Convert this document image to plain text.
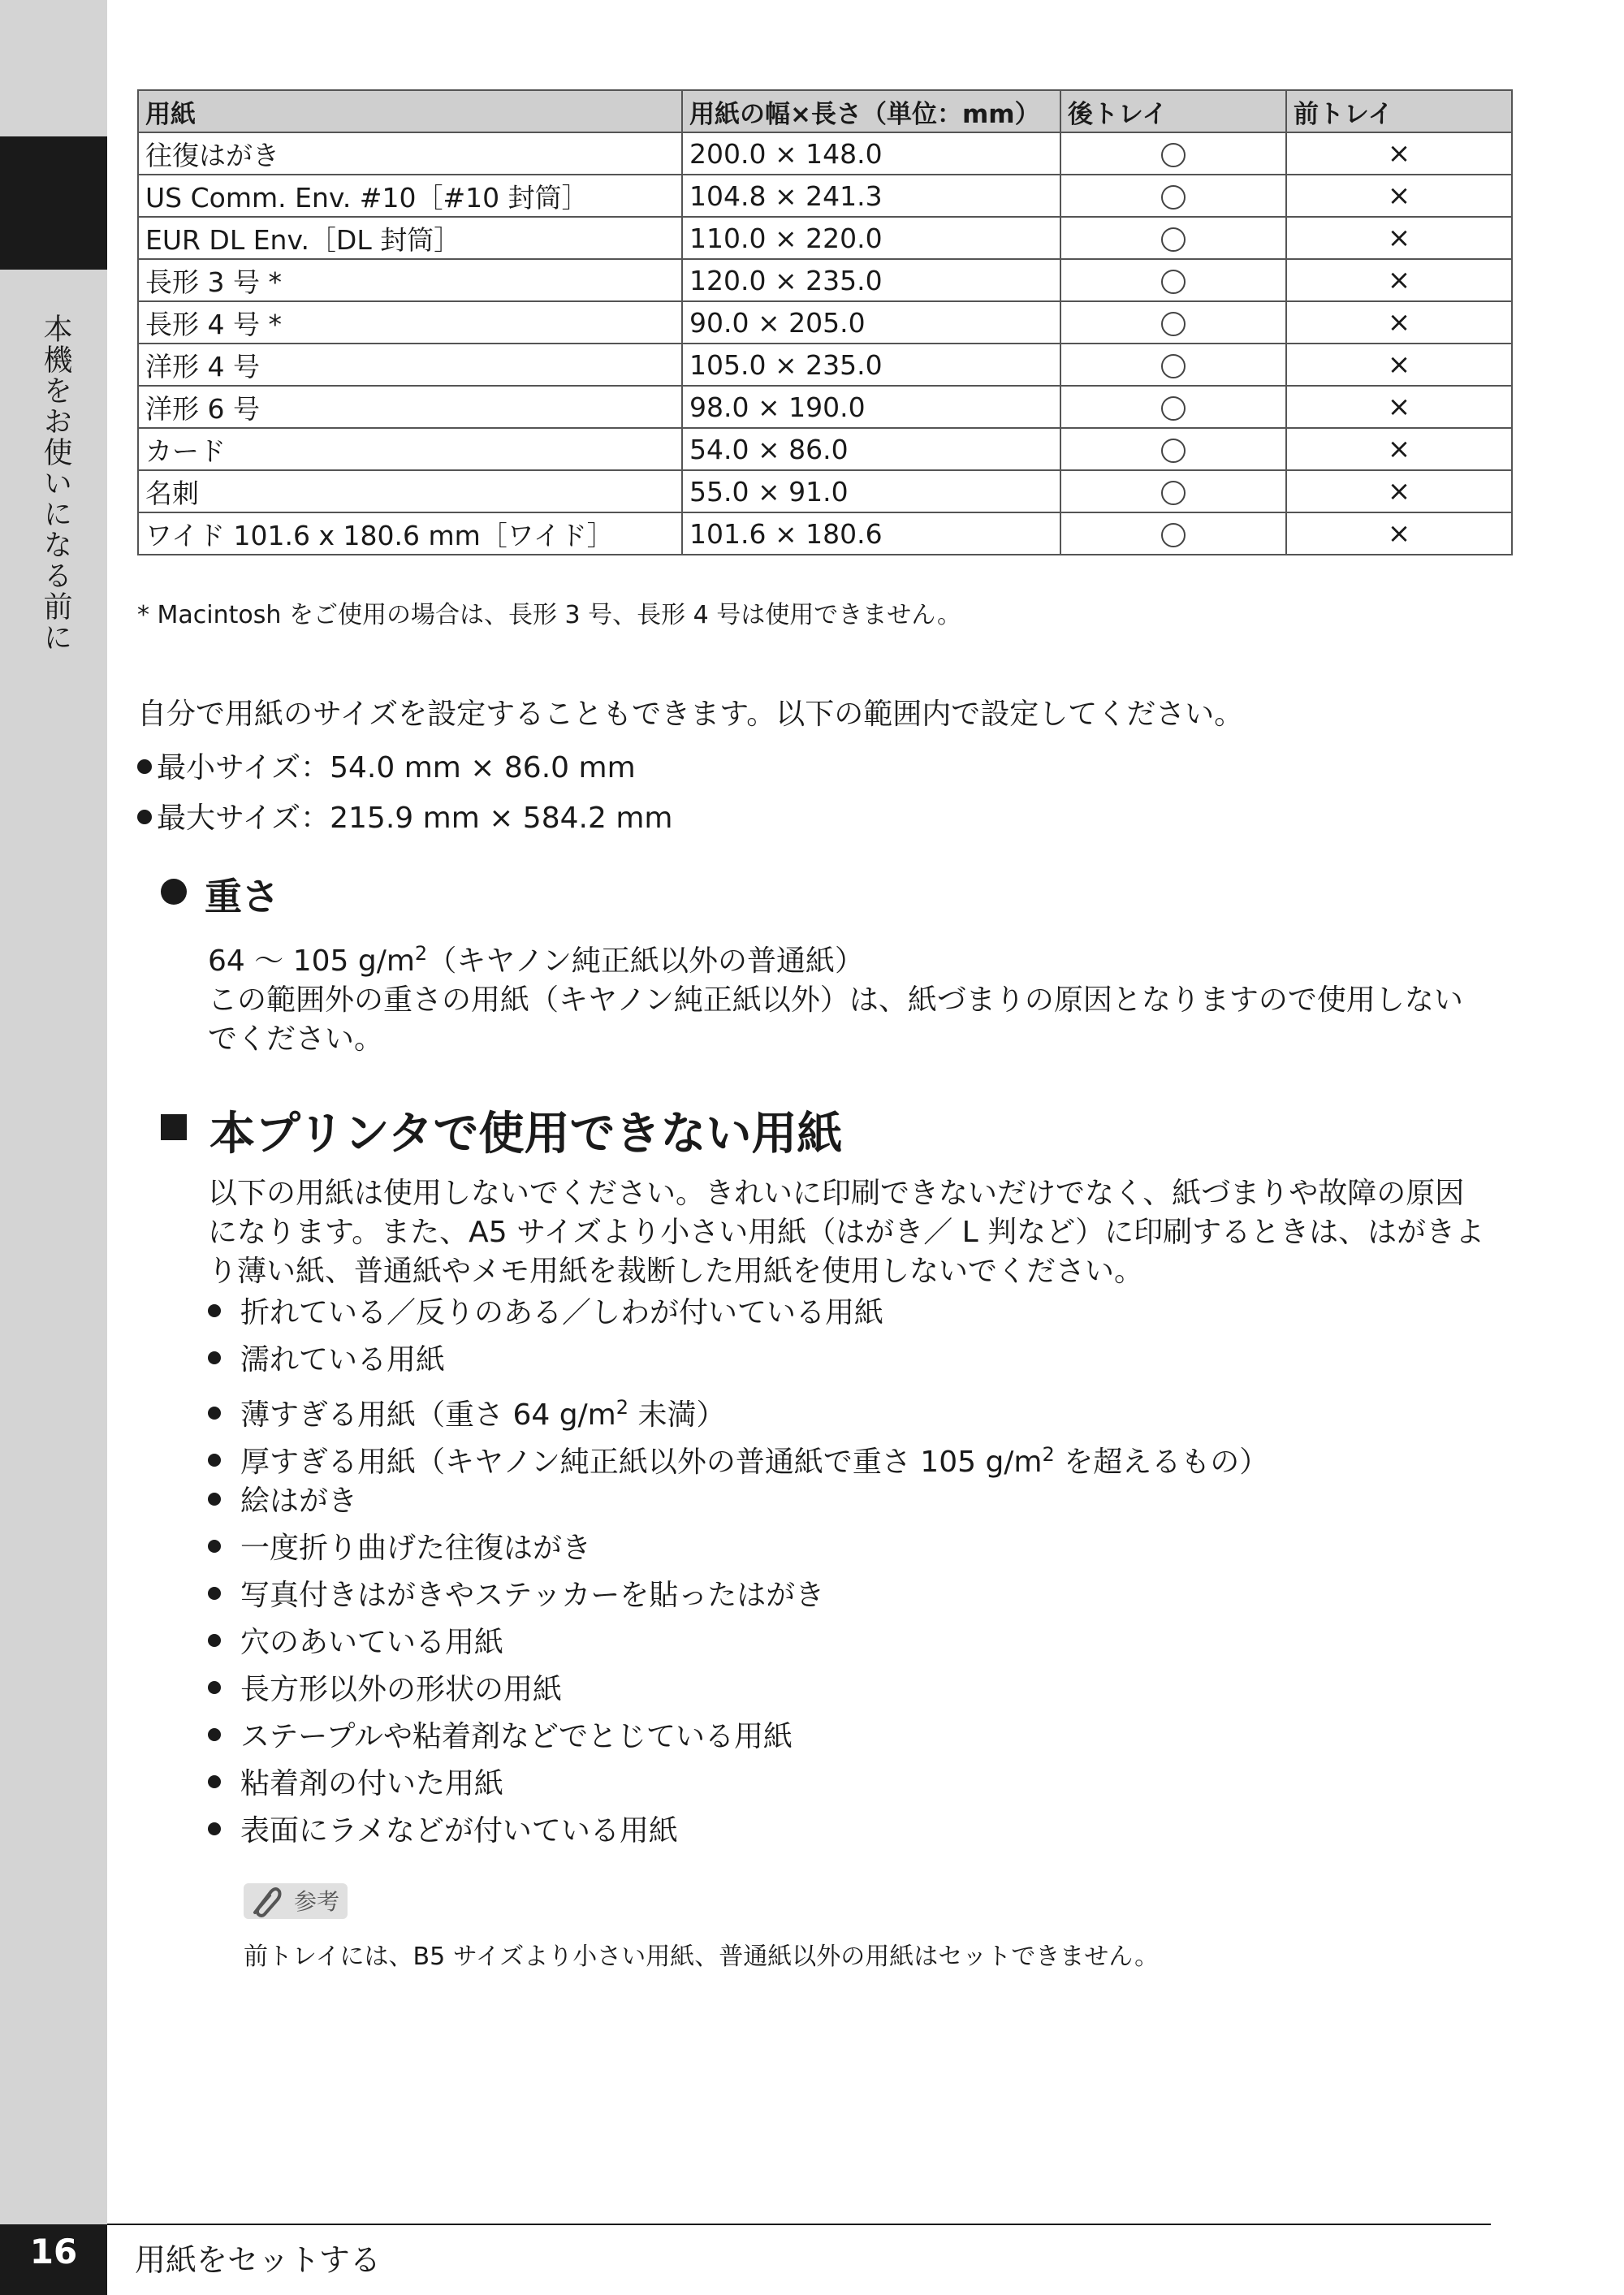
本機をお使いになる前に
用紙	用紙の幅×長さ（単位：mm）	後トレイ	前トレイ
往復はがき	200.0 × 148.0		×
US Comm. Env. #10［#10 封筒］	104.8 × 241.3		×
EUR DL Env.［DL 封筒］	110.0 × 220.0		×
長形 3 号 *	120.0 × 235.0		×
長形 4 号 *	90.0 × 205.0		×
洋形 4 号	105.0 × 235.0		×
洋形 6 号	98.0 × 190.0		×
カード	54.0 × 86.0		×
名刺	55.0 × 91.0		×
ワイド 101.6 x 180.6 mm［ワイド］	101.6 × 180.6		×
* Macintosh をご使用の場合は、長形 3 号、長形 4 号は使用できません。
自分で用紙のサイズを設定することもできます。以下の範囲内で設定してください。
最小サイズ：54.0 mm × 86.0 mm
最大サイズ：215.9 mm × 584.2 mm
重さ
64 ～ 105 $g/m^2$（キヤノン純正紙以外の普通紙）
この範囲外の重さの用紙（キヤノン純正紙以外）は、紙づまりの原因となりますので使用しないでください。
本プリンタで使用できない用紙
以下の用紙は使用しないでください。きれいに印刷できないだけでなく、紙づまりや故障の原因になります。また、A5 サイズより小さい用紙（はがき／ L 判など）に印刷するときは、はがきより薄い紙、普通紙やメモ用紙を裁断した用紙を使用しないでください。
折れている／反りのある／しわが付いている用紙
濡れている用紙
薄すぎる用紙（重さ 64 $g/m^2$ 未満）
厚すぎる用紙（キヤノン純正紙以外の普通紙で重さ 105 $g/m^2$ を超えるもの）
絵はがき
一度折り曲げた往復はがき
写真付きはがきやステッカーを貼ったはがき
穴のあいている用紙
長方形以外の形状の用紙
ステープルや粘着剤などでとじている用紙
粘着剤の付いた用紙
表面にラメなどが付いている用紙
参考
前トレイには、B5 サイズより小さい用紙、普通紙以外の用紙はセットできません。
16	用紙をセットする
